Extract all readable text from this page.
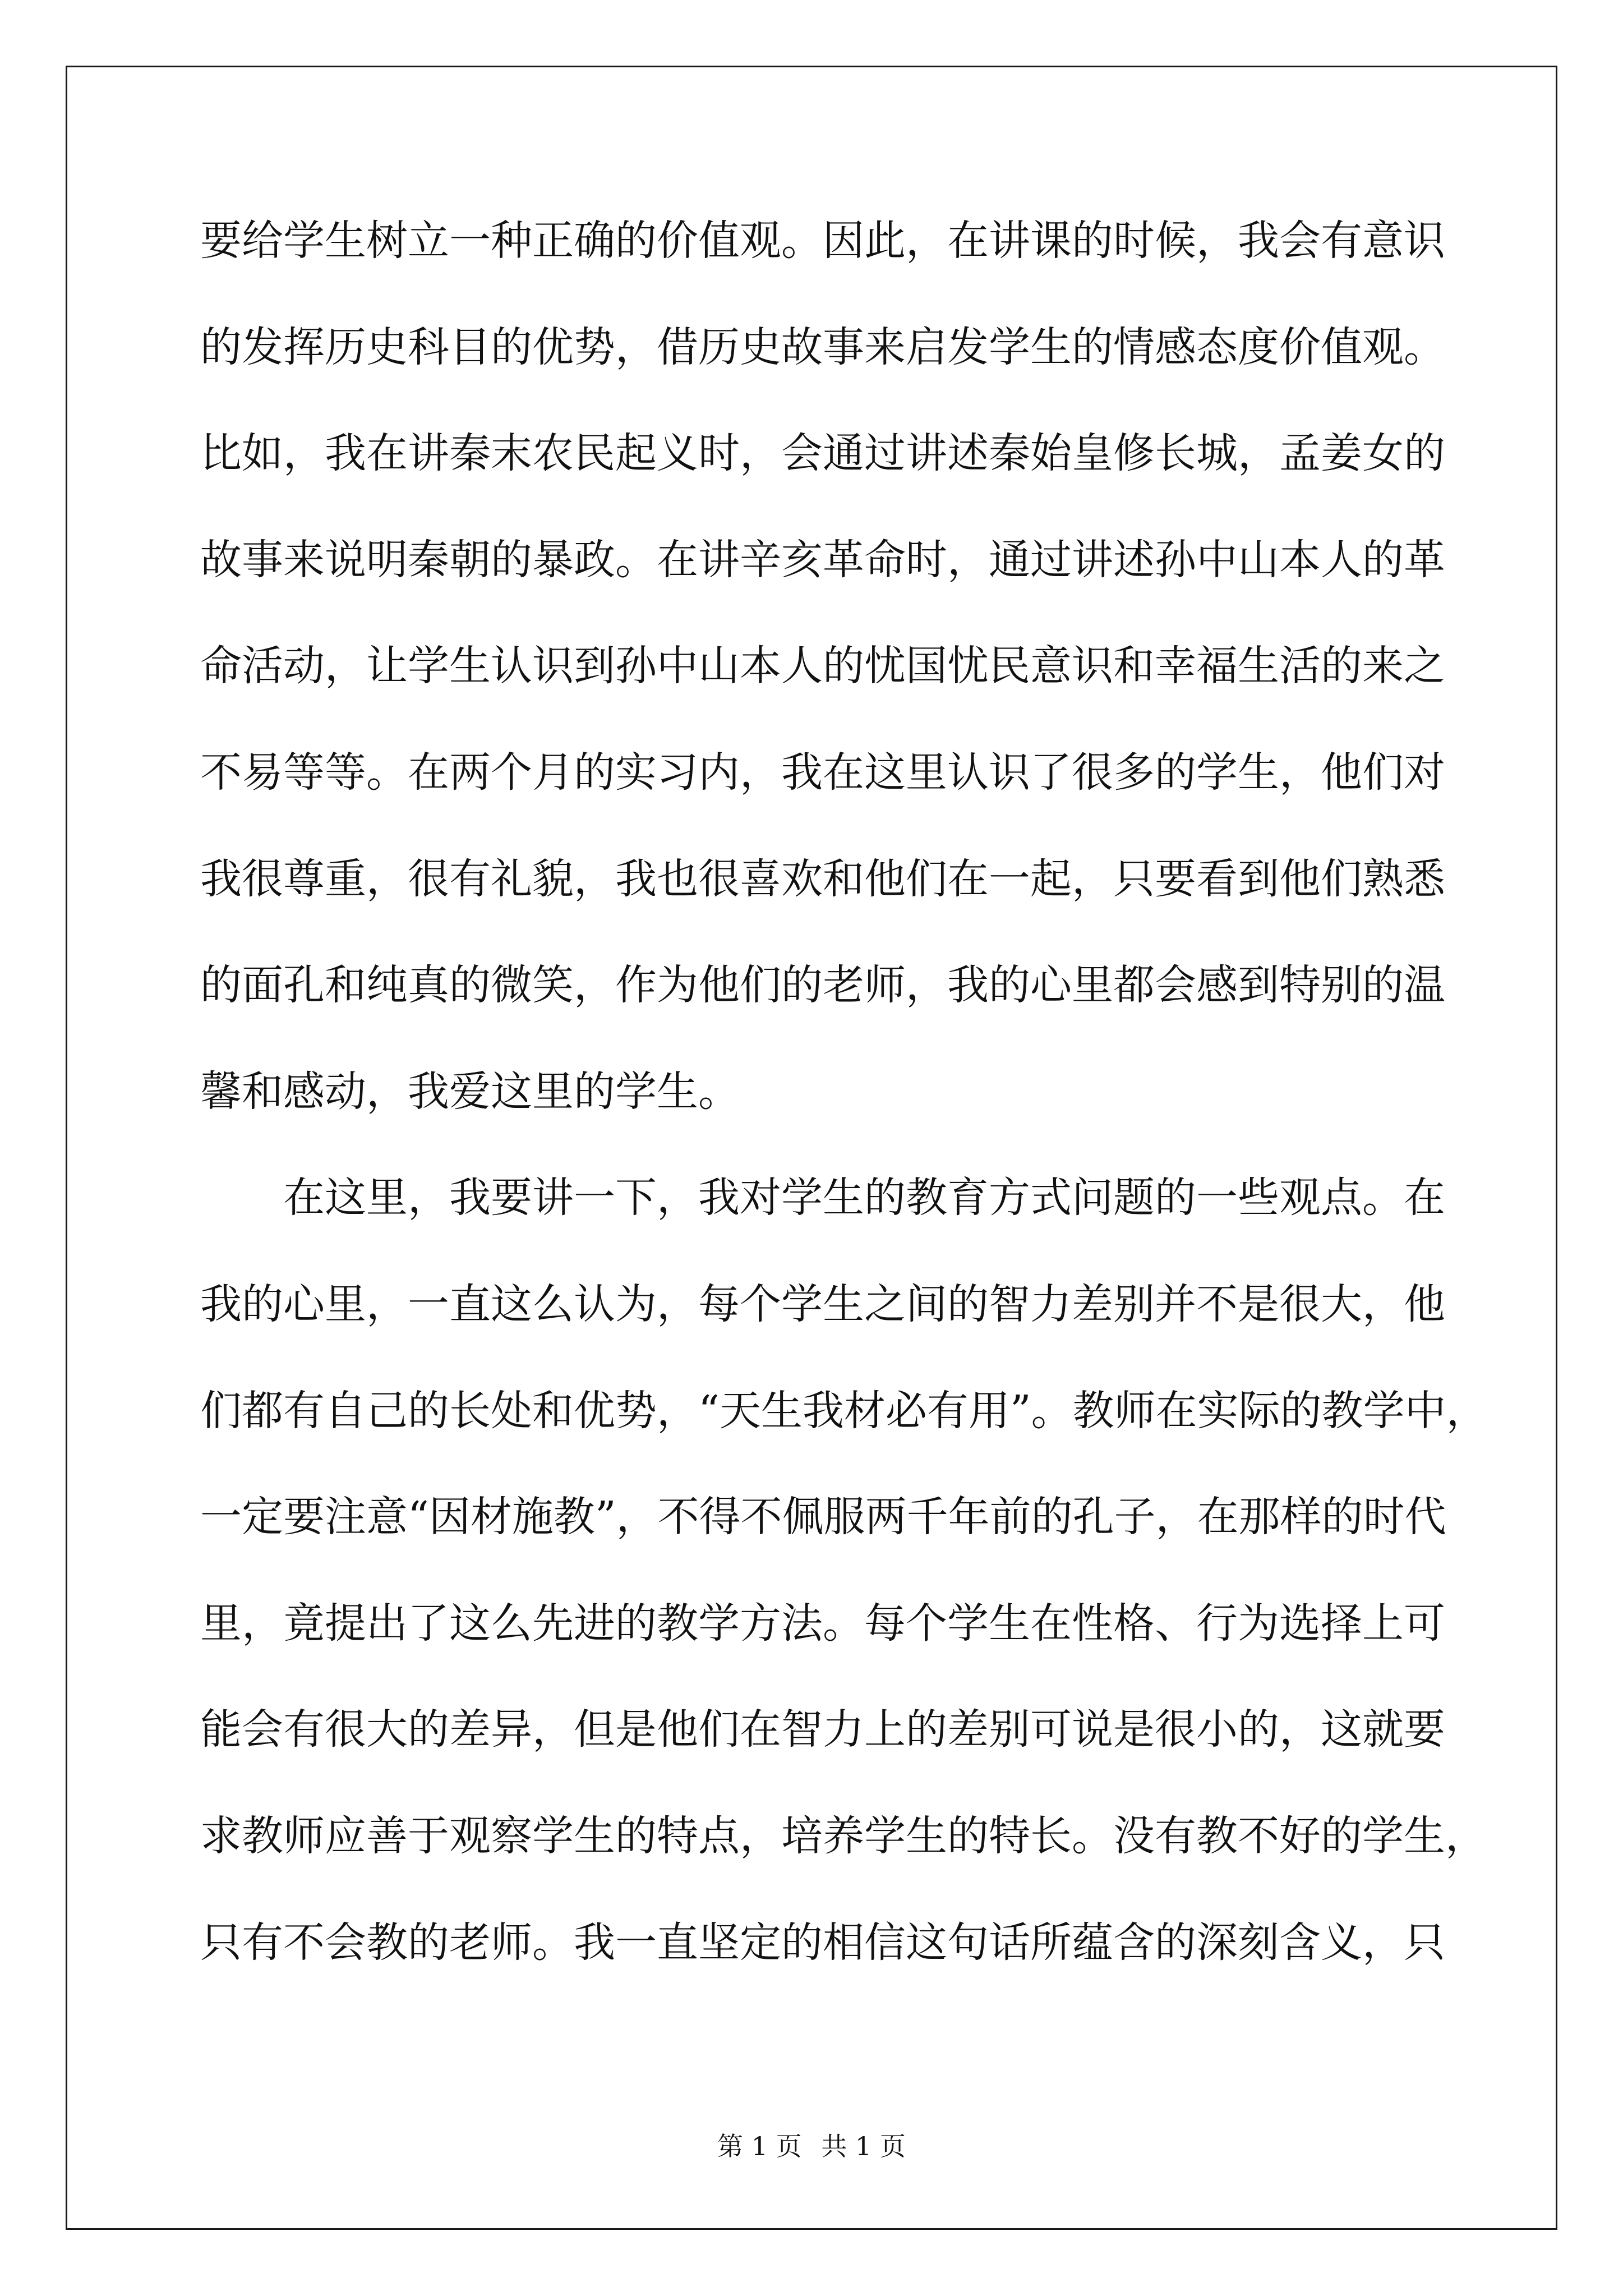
要给学生树立一种正确的价值观。因此，在讲课的时候，我会有意识
的发挥历史科目的优势，借历史故事来启发学生的情感态度价值观。
比如，我在讲秦末农民起义时，会通过讲述秦始皇修长城，孟姜女的
故事来说明秦朝的暴政。在讲辛亥革命时，通过讲述孙中山本人的革
命活动，让学生认识到孙中山本人的忧国忧民意识和幸福生活的来之
不易等等。在两个月的实习内，我在这里认识了很多的学生，他们对
我很尊重，很有礼貌，我也很喜欢和他们在一起，只要看到他们熟悉
的面孔和纯真的微笑，作为他们的老师，我的心里都会感到特别的温
馨和感动，我爱这里的学生。
在这里，我要讲一下，我对学生的教育方式问题的一些观点。在
我的心里，一直这么认为，每个学生之间的智力差别并不是很大，他
们都有自己的长处和优势，“天生我材必有用”。教师在实际的教学中，
一定要注意“因材施教”，不得不佩服两千年前的孔子，在那样的时代
里，竟提出了这么先进的教学方法。每个学生在性格、行为选择上可
能会有很大的差异，但是他们在智力上的差别可说是很小的，这就要
求教师应善于观察学生的特点，培养学生的特长。没有教不好的学生，
只有不会教的老师。我一直坚定的相信这句话所蕴含的深刻含义，只
第 1 页 共 1 页
